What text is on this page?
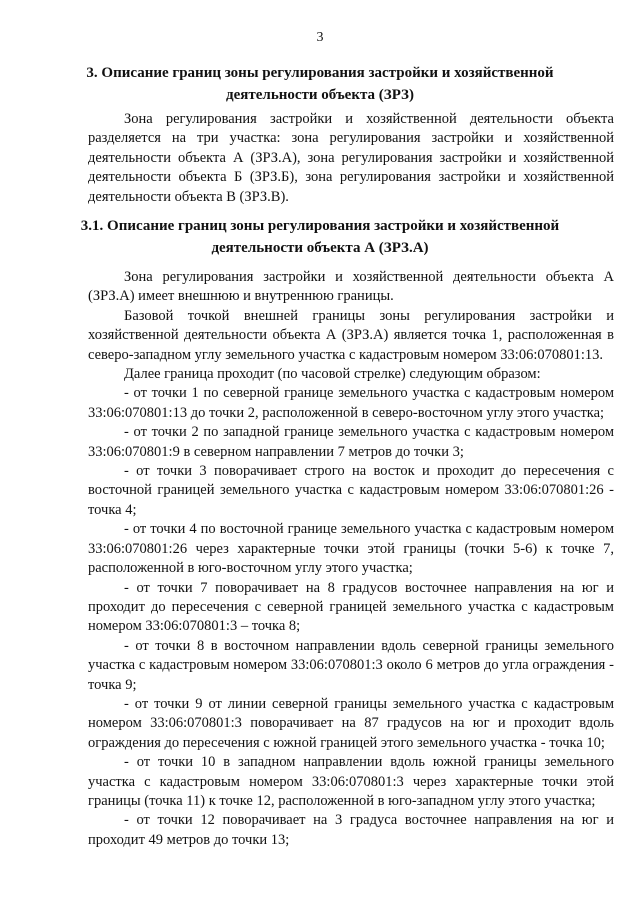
3
3. Описание границ зоны регулирования застройки и хозяйственной
деятельности объекта (ЗРЗ)

Зона регулирования застройки и хозяйственной деятельности объекта разделяется на три участка: зона регулирования застройки и хозяйственной деятельности объекта А (ЗРЗ.А), зона регулирования застройки и хозяйственной деятельности объекта Б (ЗРЗ.Б), зона регулирования застройки и хозяйственной деятельности объекта В (ЗРЗ.В).

3.1. Описание границ зоны регулирования застройки и хозяйственной
деятельности объекта А (ЗРЗ.А)

Зона регулирования застройки и хозяйственной деятельности объекта А (ЗРЗ.А) имеет внешнюю и внутреннюю границы.

Базовой точкой внешней границы зоны регулирования застройки и хозяйственной деятельности объекта А (ЗРЗ.А) является точка 1, расположенная в северо-западном углу земельного участка с кадастровым номером 33:06:070801:13.

Далее граница проходит (по часовой стрелке) следующим образом:

- от точки 1 по северной границе земельного участка с кадастровым номером 33:06:070801:13 до точки 2, расположенной в северо-восточном углу этого участка;

- от точки 2 по западной границе земельного участка с кадастровым номером 33:06:070801:9 в северном направлении 7 метров до точки 3;

- от точки 3 поворачивает строго на восток и проходит до пересечения с восточной границей земельного участка с кадастровым номером 33:06:070801:26 - точка 4;

- от точки 4 по восточной границе земельного участка с кадастровым номером 33:06:070801:26 через характерные точки этой границы (точки 5-6) к точке 7, расположенной в юго-восточном углу этого участка;

- от точки 7 поворачивает на 8 градусов восточнее направления на юг и проходит до пересечения с северной границей земельного участка с кадастровым номером 33:06:070801:3 – точка 8;

- от точки 8 в восточном направлении вдоль северной границы земельного участка с кадастровым номером 33:06:070801:3 около 6 метров до угла ограждения - точка 9;

- от точки 9 от линии северной границы земельного участка с кадастровым номером 33:06:070801:3 поворачивает на 87 градусов на юг и проходит вдоль ограждения до пересечения с южной границей этого земельного участка - точка 10;

- от точки 10 в западном направлении вдоль южной границы земельного участка с кадастровым номером 33:06:070801:3 через характерные точки этой границы (точка 11) к точке 12, расположенной в юго-западном углу этого участка;

- от точки 12 поворачивает на 3 градуса восточнее направления на юг и проходит 49 метров до точки 13;
